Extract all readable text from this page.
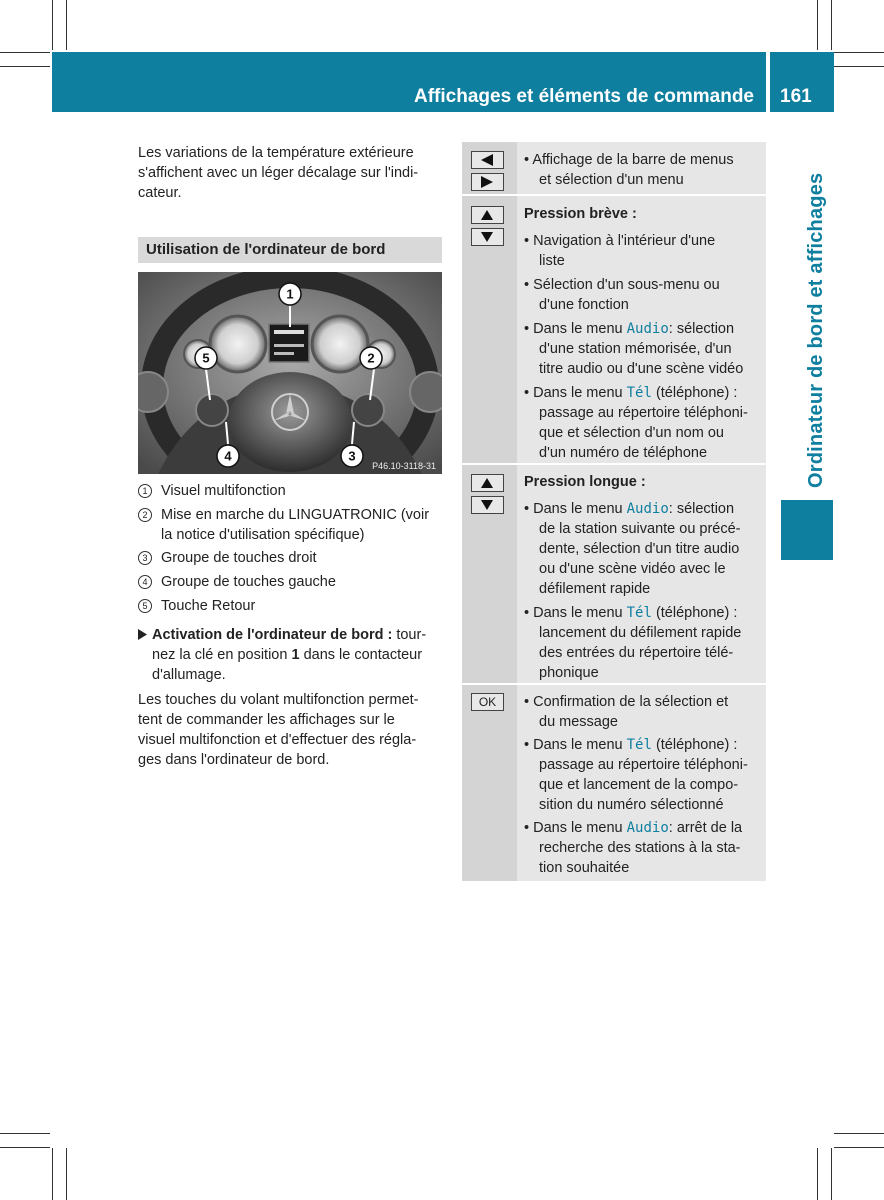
Affichages et éléments de commande 161
Ordinateur de bord et affichages
Les variations de la température extérieure
s'affichent avec un léger décalage sur l'indi-
cateur.
Utilisation de l'ordinateur de bord
1
5	2
4	3
P46.10-3118-31
1 Visuel multifonction
2 Mise en marche du LINGUATRONIC (voir
la notice d'utilisation spécifique)
3 Groupe de touches droit
4 Groupe de touches gauche
5 Touche Retour
Activation de l'ordinateur de bord : tour-
nez la clé en position 1 dans le contacteur
d'allumage.
Les touches du volant multifonction permet-
tent de commander les affichages sur le
visuel multifonction et d'effectuer des régla-
ges dans l'ordinateur de bord.
OK
• Affichage de la barre de menus
et sélection d'un menu
Pression brève :
• Navigation à l'intérieur d'une
liste
• Sélection d'un sous-menu ou
d'une fonction
• Dans le menu Audio: sélection
d'une station mémorisée, d'un
titre audio ou d'une scène vidéo
• Dans le menu Tél (téléphone) :
passage au répertoire téléphoni-
que et sélection d'un nom ou
d'un numéro de téléphone
Pression longue :
• Dans le menu Audio: sélection
de la station suivante ou précé-
dente, sélection d'un titre audio
ou d'une scène vidéo avec le
défilement rapide
• Dans le menu Tél (téléphone) :
lancement du défilement rapide
des entrées du répertoire télé-
phonique
• Confirmation de la sélection et
du message
• Dans le menu Tél (téléphone) :
passage au répertoire téléphoni-
que et lancement de la compo-
sition du numéro sélectionné
• Dans le menu Audio: arrêt de la
recherche des stations à la sta-
tion souhaitée
